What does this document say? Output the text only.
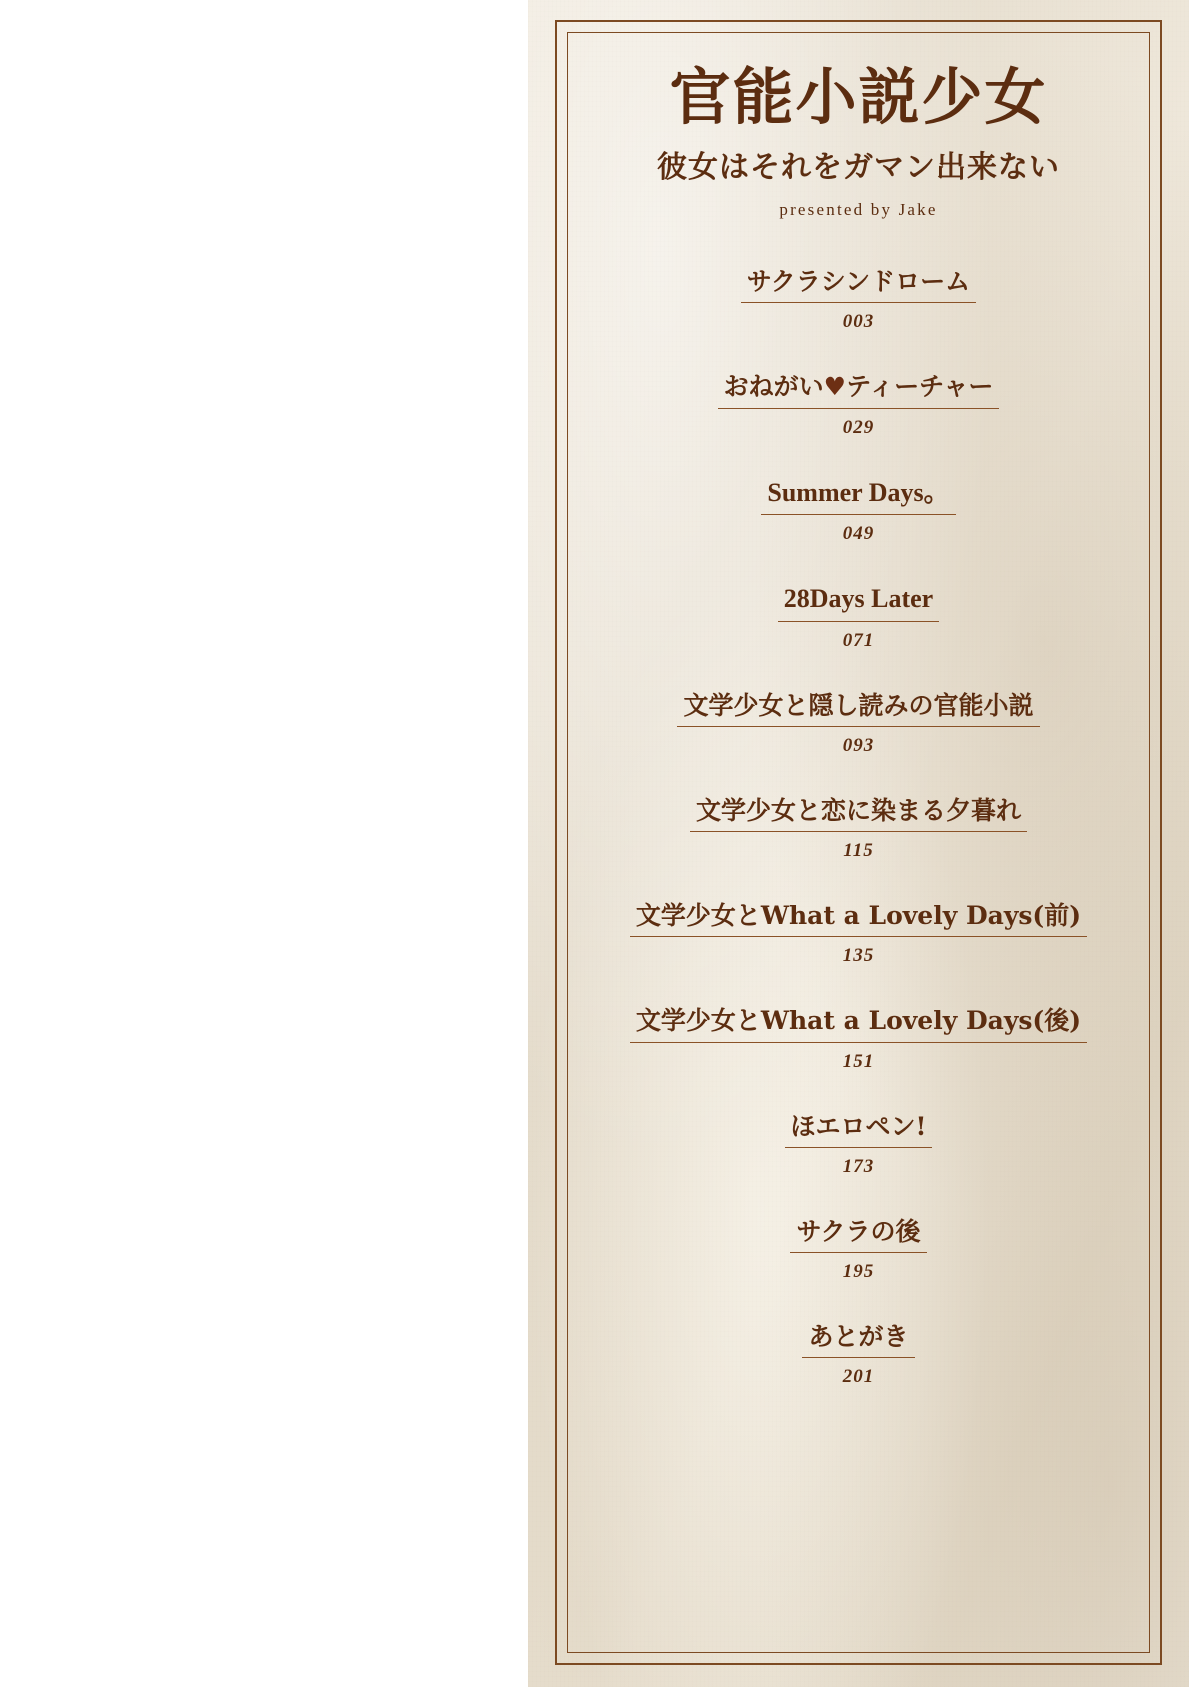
官能小説少女
彼女はそれをガマン出来ない
presented by Jake
サクラシンドローム
003
おねがい♥ティーチャー
029
Summer Days。
049
28Days Later
071
文学少女と隠し読みの官能小説
093
文学少女と恋に染まる夕暮れ
115
文学少女とWhat a Lovely Days(前)
135
文学少女とWhat a Lovely Days(後)
151
ほエロペン!
173
サクラの後
195
あとがき
201
